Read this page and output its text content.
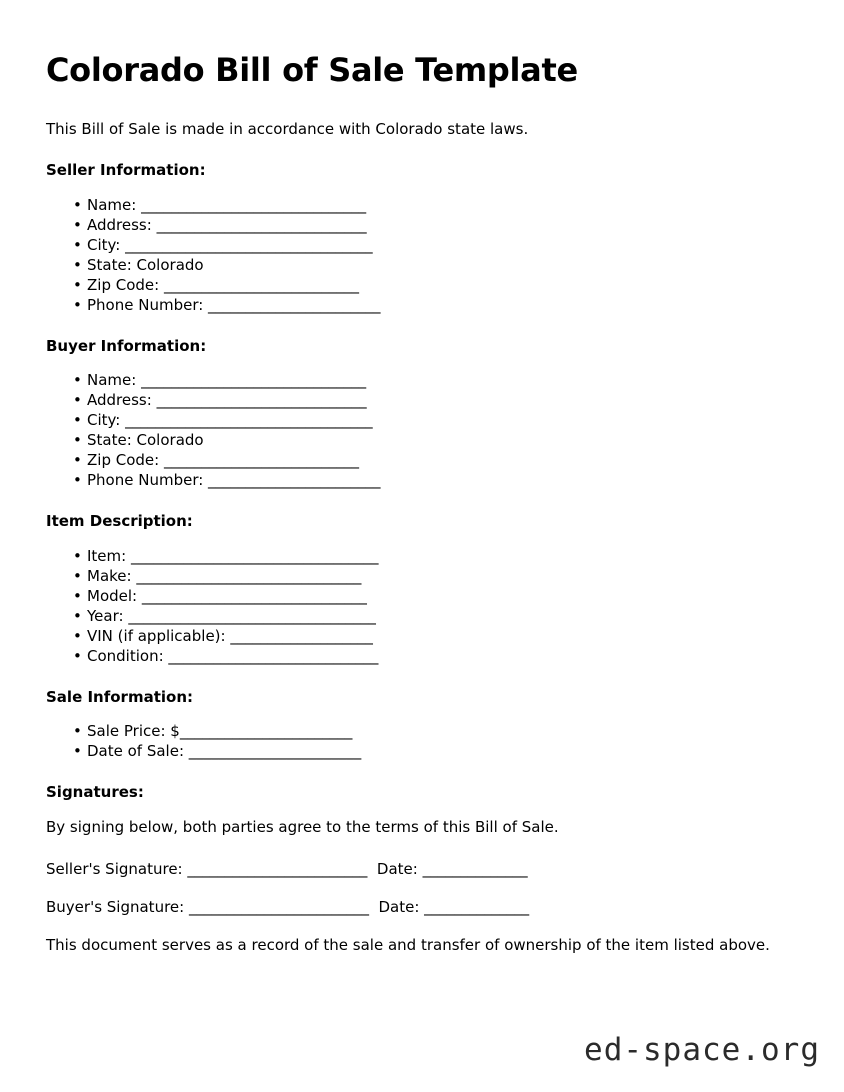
Colorado Bill of Sale Template

This Bill of Sale is made in accordance with Colorado state laws.

Seller Information:
• Name: ______________________________
• Address: ____________________________
• City: _________________________________
• State: Colorado
• Zip Code: __________________________
• Phone Number: _______________________
Buyer Information:
• Name: ______________________________
• Address: ____________________________
• City: _________________________________
• State: Colorado
• Zip Code: __________________________
• Phone Number: _______________________
Item Description:
• Item: _________________________________
• Make: ______________________________
• Model: ______________________________
• Year: _________________________________
• VIN (if applicable): ___________________
• Condition: ____________________________
Sale Information:
• Sale Price: $_______________________
• Date of Sale: _______________________
Signatures:

By signing below, both parties agree to the terms of this Bill of Sale.

Seller's Signature: ________________________  Date: ______________
Buyer's Signature: ________________________  Date: ______________

This document serves as a record of the sale and transfer of ownership of the item listed above.

ed-space.org
